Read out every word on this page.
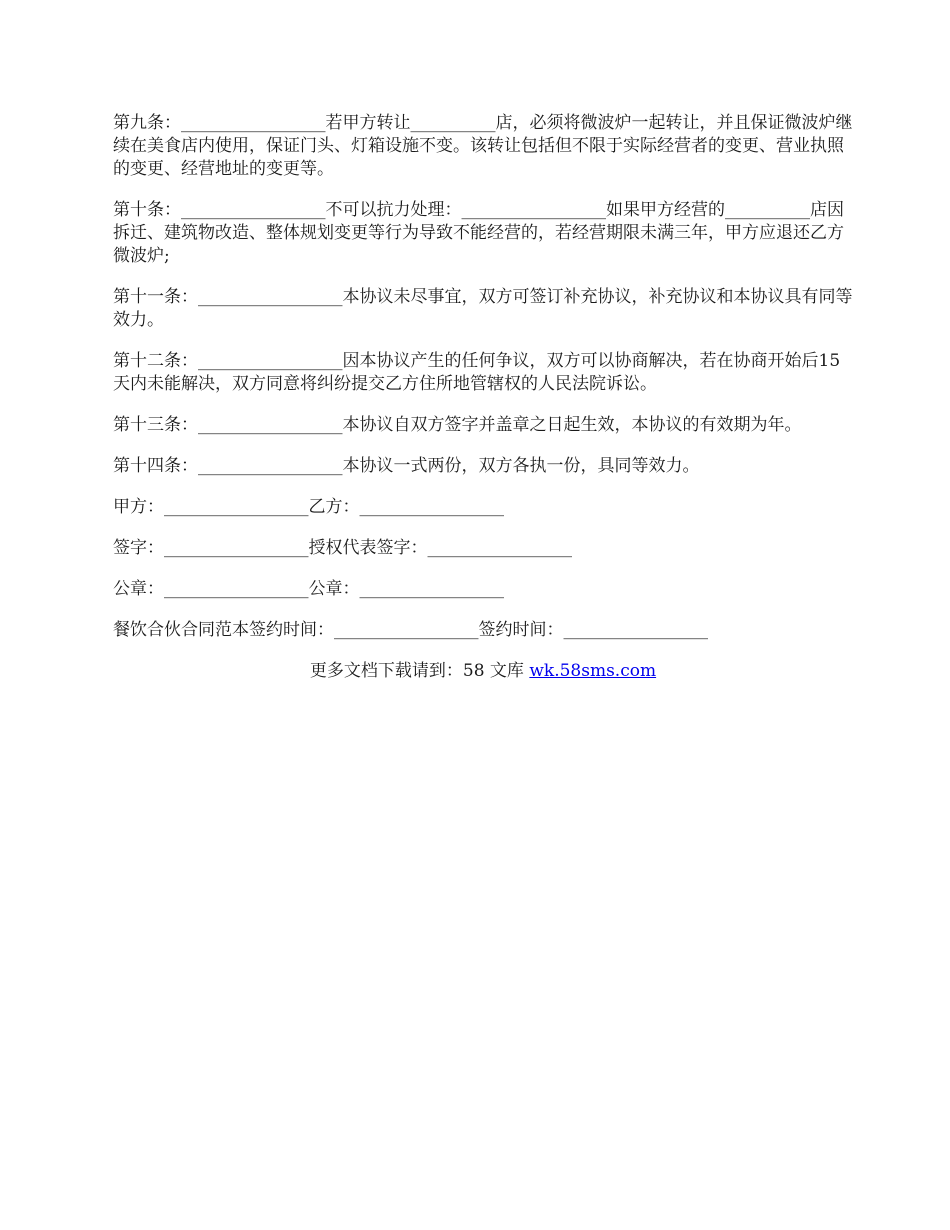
第九条：_________________若甲方转让__________店，必须将微波炉一起转让，并且保证微波炉继续在美食店内使用，保证门头、灯箱设施不变。该转让包括但不限于实际经营者的变更、营业执照的变更、经营地址的变更等。

第十条：_________________不可以抗力处理：_________________如果甲方经营的__________店因拆迁、建筑物改造、整体规划变更等行为导致不能经营的，若经营期限未满三年，甲方应退还乙方微波炉;

第十一条：_________________本协议未尽事宜，双方可签订补充协议，补充协议和本协议具有同等效力。

第十二条：_________________因本协议产生的任何争议，双方可以协商解决，若在协商开始后15天内未能解决，双方同意将纠纷提交乙方住所地管辖权的人民法院诉讼。

第十三条：_________________本协议自双方签字并盖章之日起生效，本协议的有效期为年。

第十四条：_________________本协议一式两份，双方各执一份，具同等效力。

甲方：_________________乙方：_________________

签字：_________________授权代表签字：_________________

公章：_________________公章：_________________

餐饮合伙合同范本签约时间：_________________签约时间：_________________

更多文档下载请到：58 文库 wk.58sms.com
